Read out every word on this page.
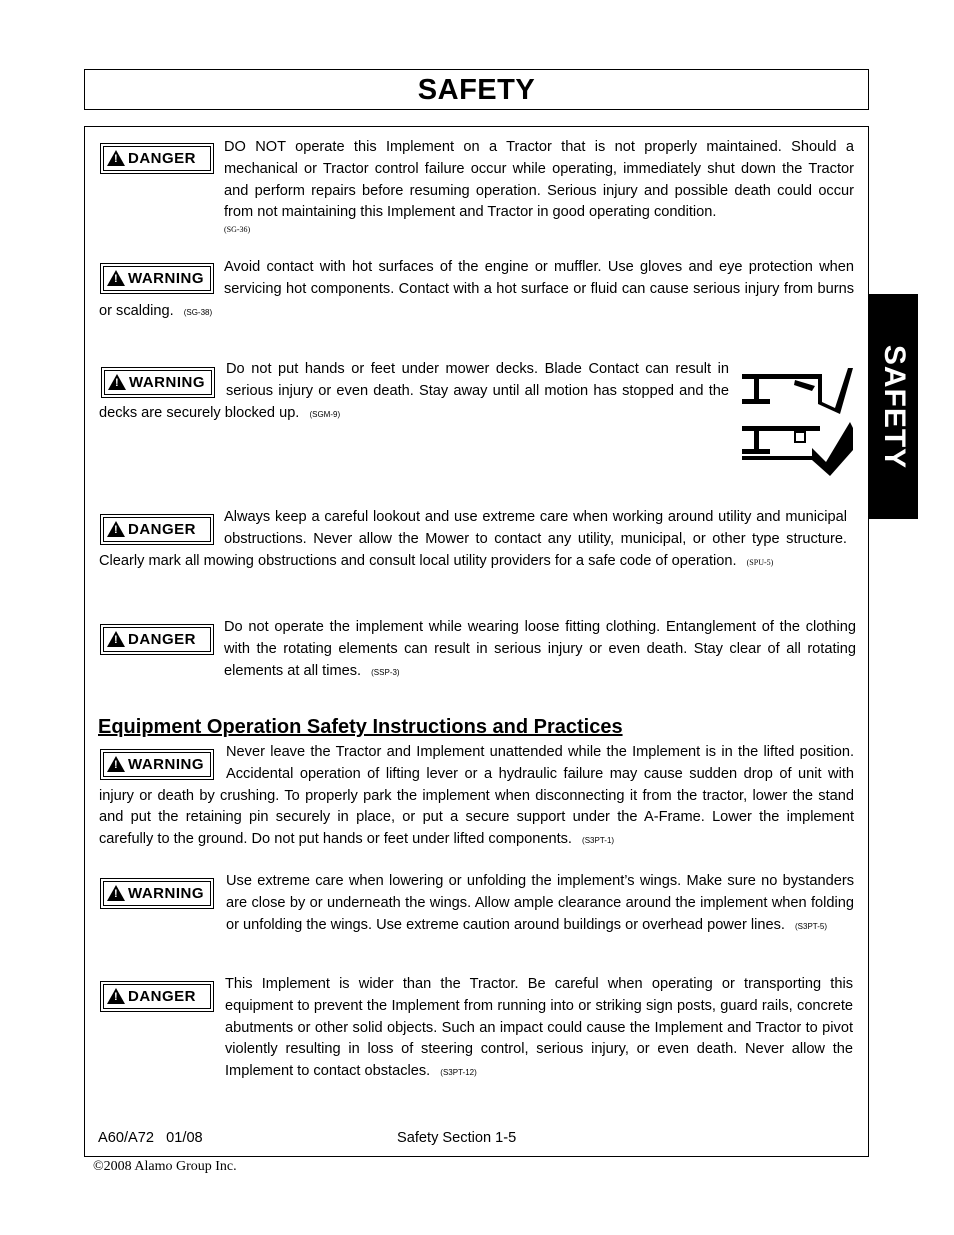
SAFETY
SAFETY
! DANGER
DO NOT operate this Implement on a Tractor that is not properly maintained. Should a mechanical or Tractor control failure occur while operating, immediately shut down the Tractor and perform repairs before resuming operation. Serious injury and possible death could occur from not maintaining this Implement and Tractor in good operating condition.
(SG-36)
! WARNING
Avoid contact with hot surfaces of the engine or muffler. Use gloves and eye protection when servicing hot components. Contact with a hot surface or fluid can cause serious injury from burns or scalding. (SG-38)
! WARNING
Do not put hands or feet under mower decks. Blade Contact can result in serious injury or even death. Stay away until all motion has stopped and the decks are securely blocked up. (SGM-9)
! DANGER
Always keep a careful lookout and use extreme care when working around utility and municipal obstructions. Never allow the Mower to contact any utility, municipal, or other type structure. Clearly mark all mowing obstructions and consult local utility providers for a safe code of operation. (SPU-5)
! DANGER
Do not operate the implement while wearing loose fitting clothing. Entanglement of the clothing with the rotating elements can result in serious injury or even death. Stay clear of all rotating elements at all times. (SSP-3)
Equipment Operation Safety Instructions and Practices
! WARNING
Never leave the Tractor and Implement unattended while the Implement is in the lifted position. Accidental operation of lifting lever or a hydraulic failure may cause sudden drop of unit with injury or death by crushing. To properly park the implement when disconnecting it from the tractor, lower the stand and put the retaining pin securely in place, or put a secure support under the A-Frame. Lower the implement carefully to the ground. Do not put hands or feet under lifted components. (S3PT-1)
! WARNING
Use extreme care when lowering or unfolding the implement’s wings. Make sure no bystanders are close by or underneath the wings. Allow ample clearance around the implement when folding or unfolding the wings. Use extreme caution around buildings or overhead power lines. (S3PT-5)
! DANGER
This Implement is wider than the Tractor. Be careful when operating or transporting this equipment to prevent the Implement from running into or striking sign posts, guard rails, concrete abutments or other solid objects. Such an impact could cause the Implement and Tractor to pivot violently resulting in loss of steering control, serious injury, or even death. Never allow the Implement to contact obstacles. (S3PT-12)
A60/A72   01/08	Safety Section 1-5
©2008 Alamo Group Inc.
